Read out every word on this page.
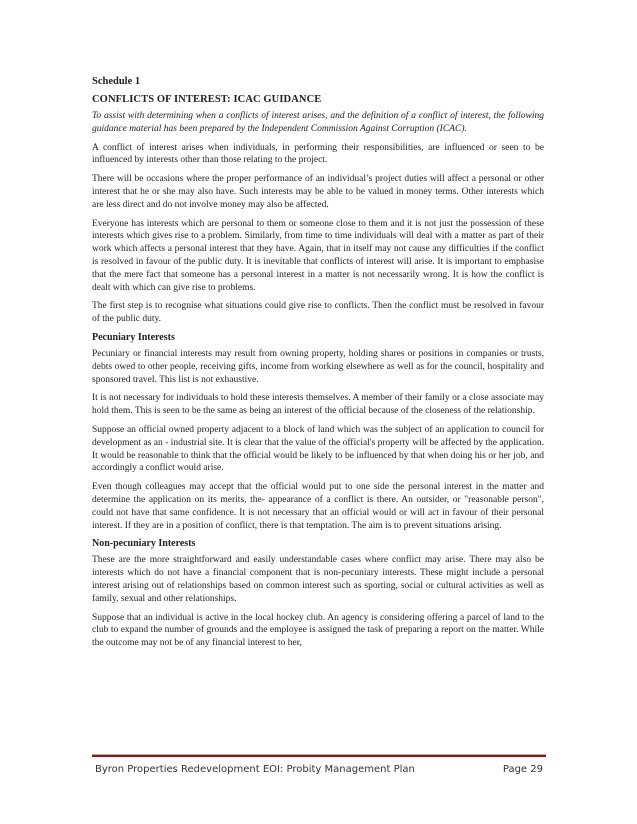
Schedule 1
CONFLICTS OF INTEREST: ICAC GUIDANCE

To assist with determining when a conflicts of interest arises, and the definition of a conflict of interest, the following guidance material has been prepared by the Independent Commission Against Corruption (ICAC).

A conflict of interest arises when individuals, in performing their responsibilities, are influenced or seen to be influenced by interests other than those relating to the project.

There will be occasions where the proper performance of an individual’s project duties will affect a personal or other interest that he or she may also have. Such interests may be able to be valued in money terms. Other interests which are less direct and do not involve money may also be affected.

Everyone has interests which are personal to them or someone close to them and it is not just the possession of these interests which gives rise to a problem. Similarly, from time to time individuals will deal with a matter as part of their work which affects a personal interest that they have. Again, that in itself may not cause any difficulties if the conflict is resolved in favour of the public duty. It is inevitable that conflicts of interest will arise. It is important to emphasise that the mere fact that someone has a personal interest in a matter is not necessarily wrong. It is how the conflict is dealt with which can give rise to problems.

The first step is to recognise what situations could give rise to conflicts. Then the conflict must be resolved in favour of the public duty.

Pecuniary Interests

Pecuniary or financial interests may result from owning property, holding shares or positions in companies or trusts, debts owed to other people, receiving gifts, income from working elsewhere as well as for the council, hospitality and sponsored travel. This list is not exhaustive.

It is not necessary for individuals to hold these interests themselves. A member of their family or a close associate may hold them. This is seen to be the same as being an interest of the official because of the closeness of the relationship.

Suppose an official owned property adjacent to a block of land which was the subject of an application to council for development as an - industrial site. It is clear that the value of the official's property will be affected by the application. It would be reasonable to think that the official would be likely to be influenced by that when doing his or her job, and accordingly a conflict would arise.

Even though colleagues may accept that the official would put to one side the personal interest in the matter and determine the application on its merits, the- appearance of a conflict is there. An outsider, or "reasonable person", could not have that same confidence. It is not necessary that an official would or will act in favour of their personal interest. If they are in a position of conflict, there is that temptation. The aim is to prevent situations arising.

Non-pecuniary Interests

These are the more straightforward and easily understandable cases where conflict may arise. There may also be interests which do not have a financial component that is non-pecuniary interests. These might include a personal interest arising out of relationships based on common interest such as sporting, social or cultural activities as well as family, sexual and other relationships.

Suppose that an individual is active in the local hockey club. An agency is considering offering a parcel of land to the club to expand the number of grounds and the employee is assigned the task of preparing a report on the matter. While the outcome may not be of any financial interest to her,

Byron Properties Redevelopment EOI: Probity Management Plan	Page 29
